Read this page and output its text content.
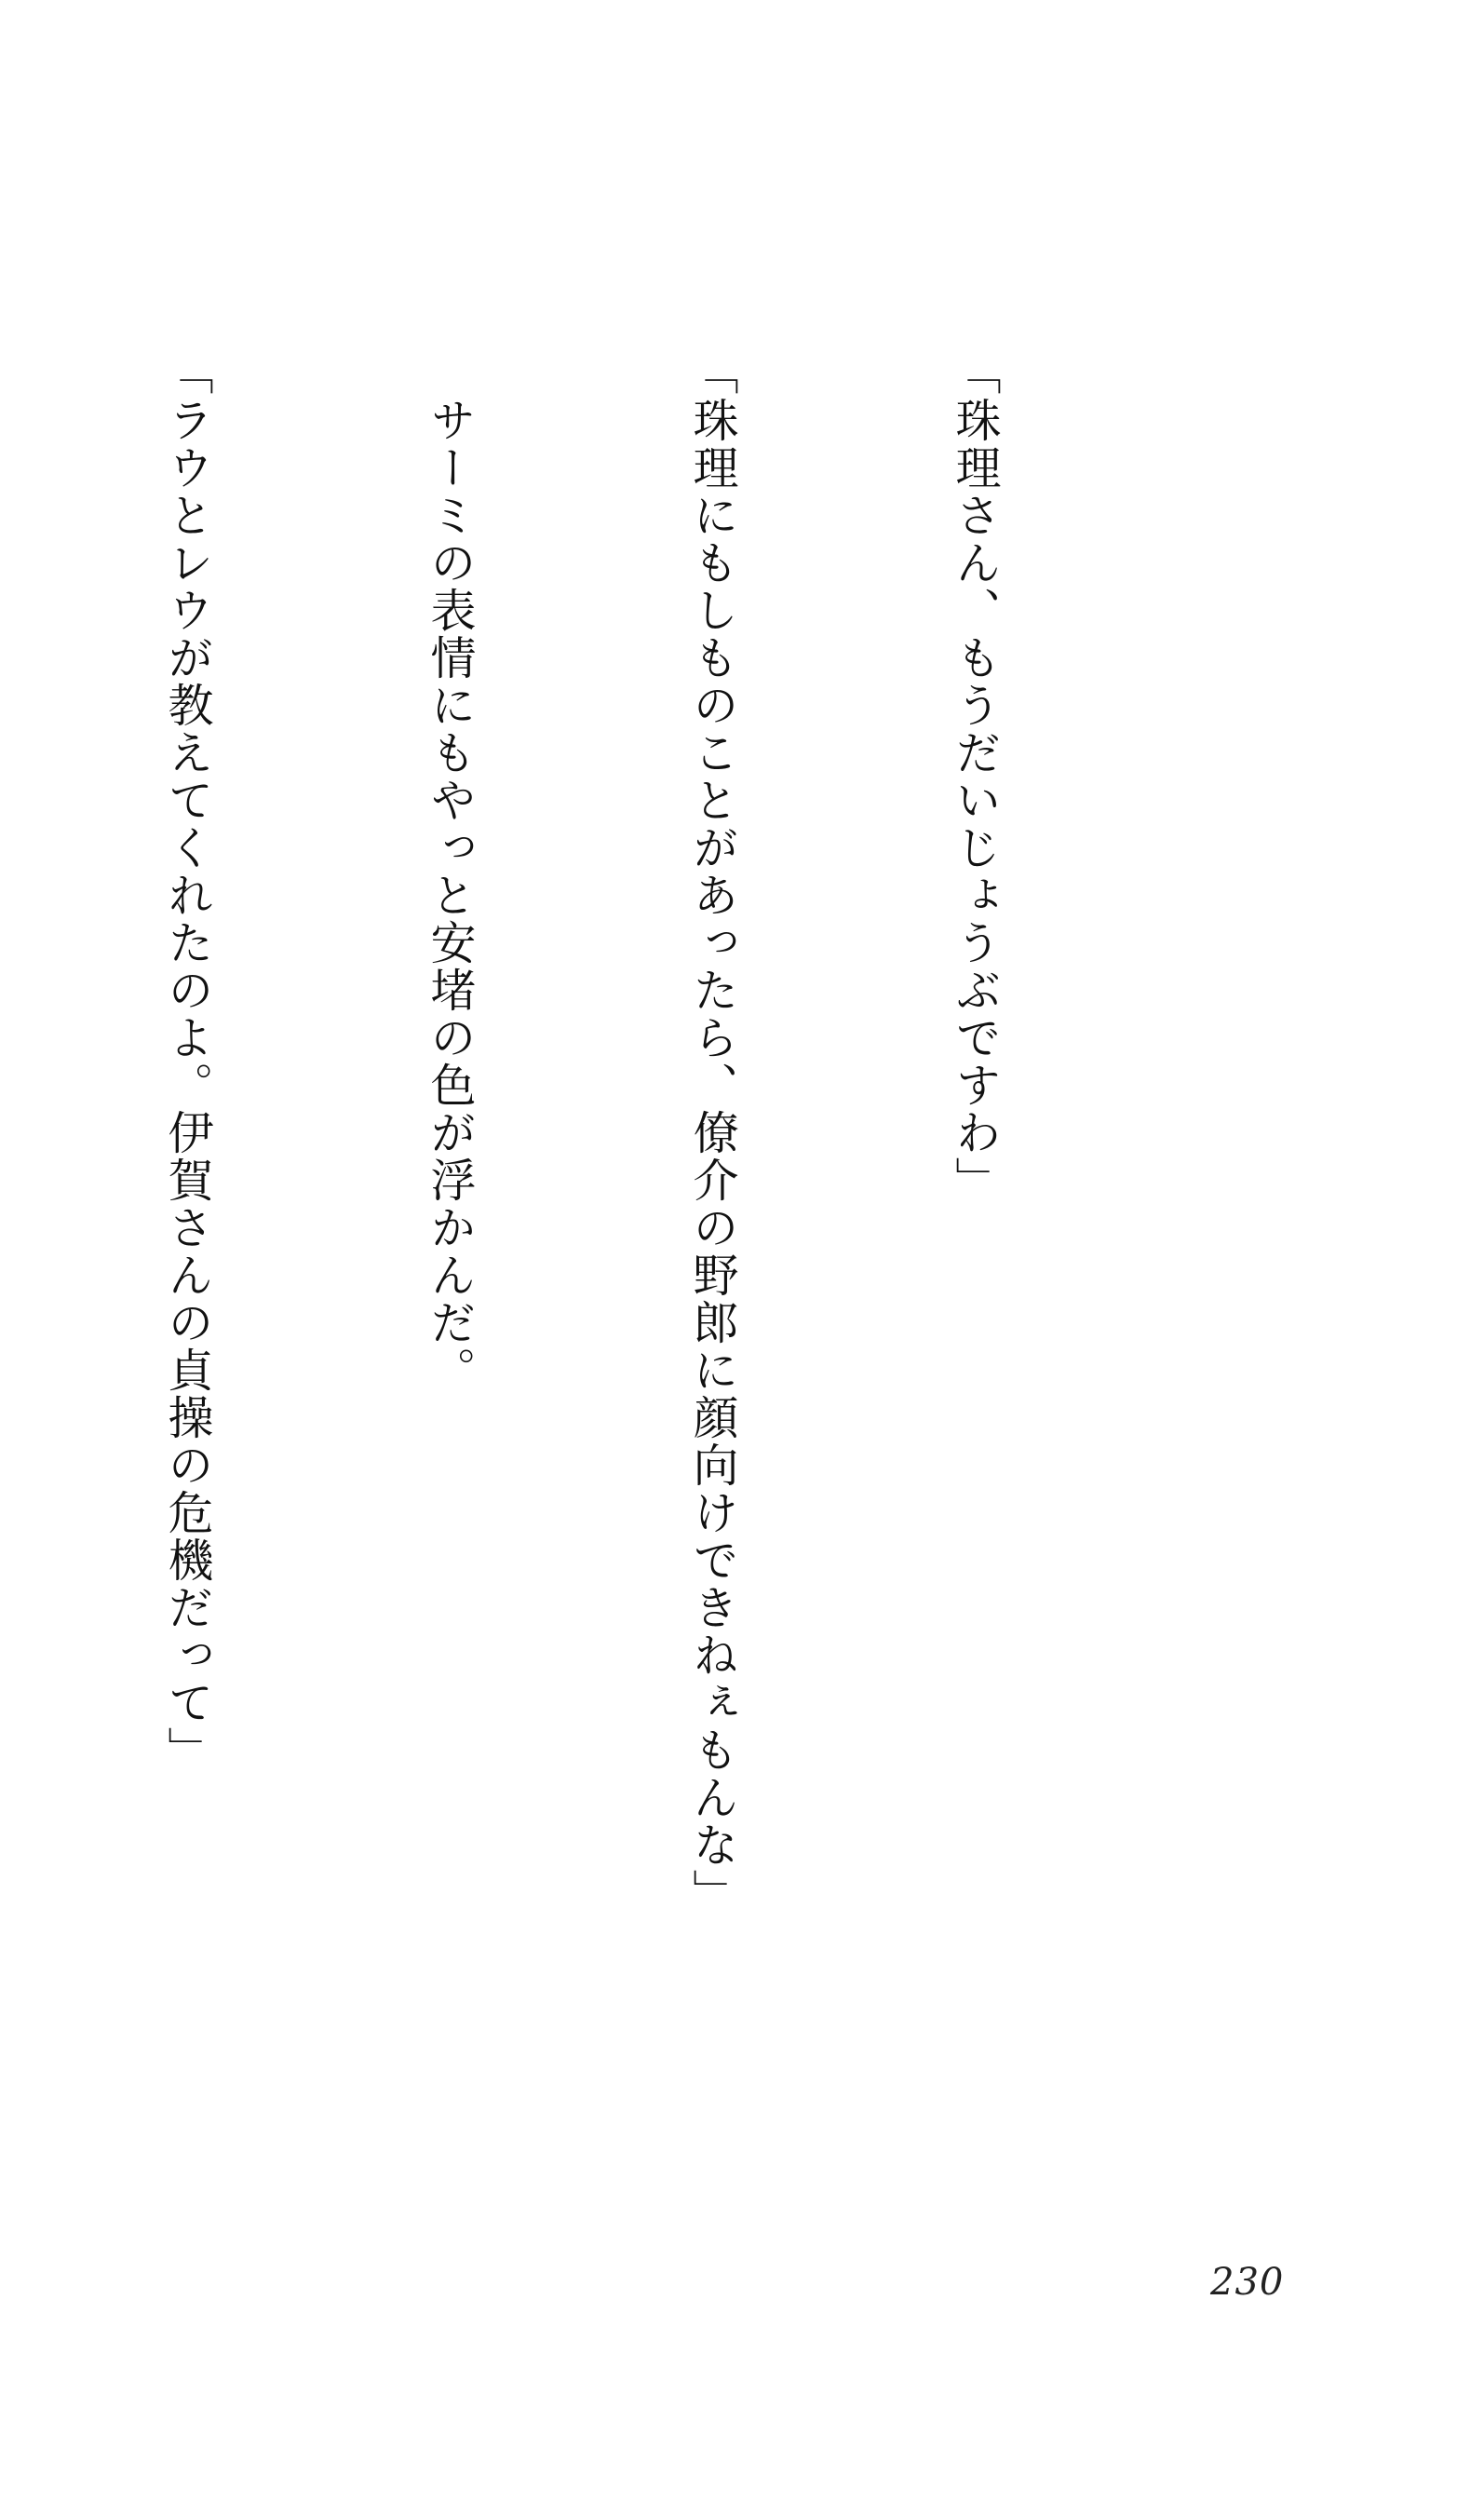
「珠理さん、もうだいじょうぶですわ」

「珠理にもしものことがあったら、僚介の野郎に顔向けできねぇもんな」

　サーミの表情にもやっと安堵の色が浮かんだ。

「ラウとレウが教えてくれたのよ。伊賀さんの貞操の危機だって」

230
